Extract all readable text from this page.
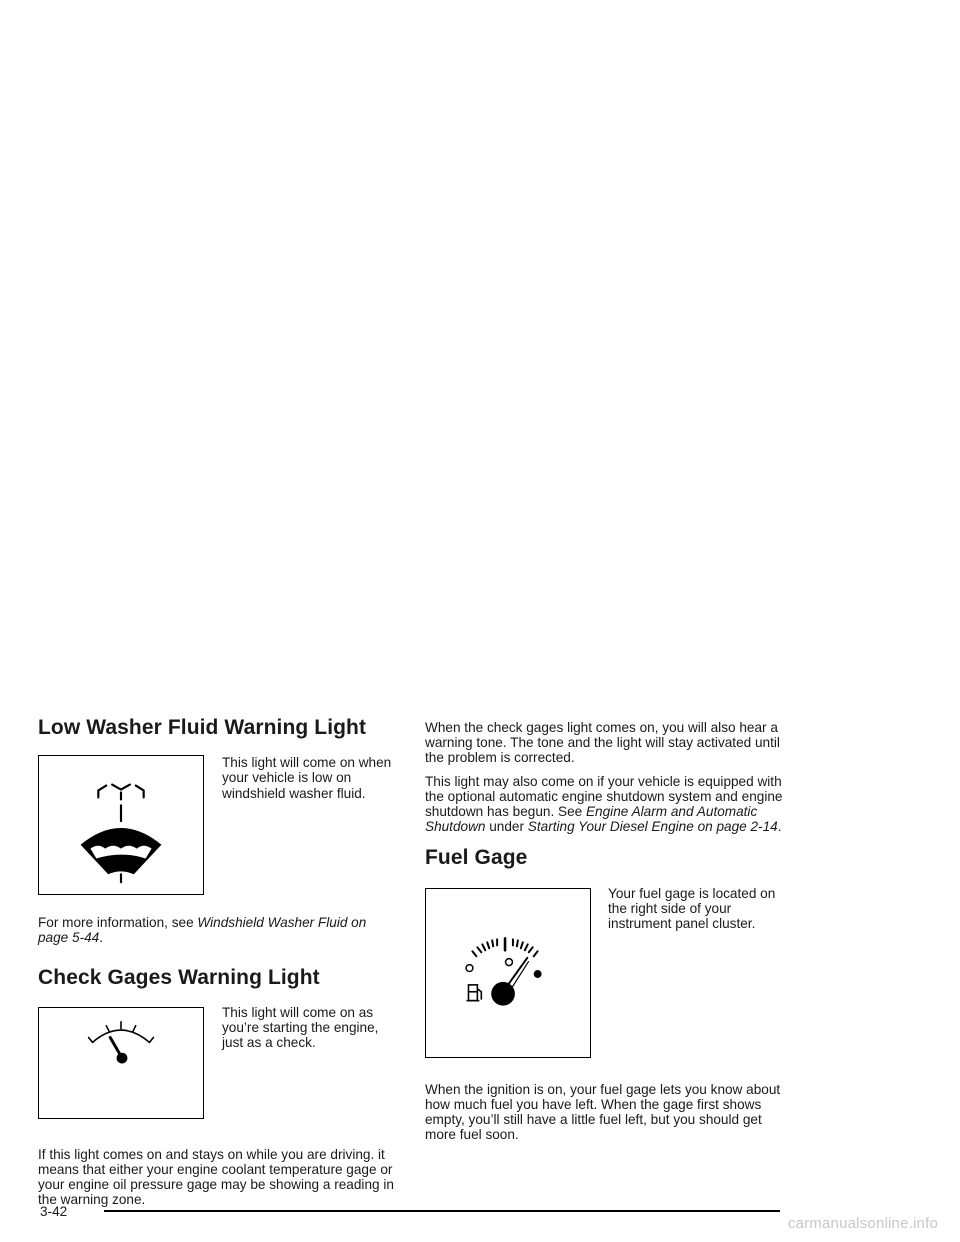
Low Washer Fluid Warning Light

This light will come on when your vehicle is low on windshield washer fluid.

For more information, see Windshield Washer Fluid on page 5-44.

Check Gages Warning Light

This light will come on as you’re starting the engine, just as a check.

If this light comes on and stays on while you are driving. it means that either your engine coolant temperature gage or your engine oil pressure gage may be showing a reading in the warning zone.

When the check gages light comes on, you will also hear a warning tone. The tone and the light will stay activated until the problem is corrected.

This light may also come on if your vehicle is equipped with the optional automatic engine shutdown system and engine shutdown has begun. See Engine Alarm and Automatic Shutdown under Starting Your Diesel Engine on page 2-14.

Fuel Gage

Your fuel gage is located on the right side of your instrument panel cluster.

When the ignition is on, your fuel gage lets you know about how much fuel you have left. When the gage first shows empty, you’ll still have a little fuel left, but you should get more fuel soon.

3-42
carmanualsonline.info
